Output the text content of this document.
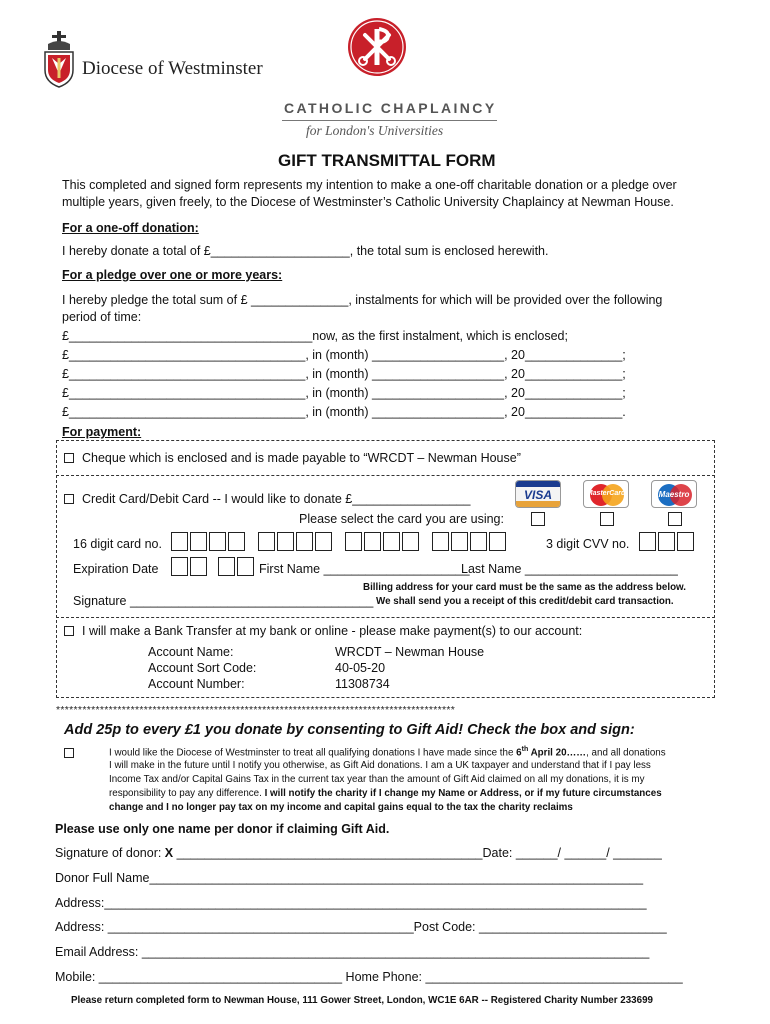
Diocese of Westminster
CATHOLIC CHAPLAINCY
for London's Universities
GIFT TRANSMITTAL FORM
This completed and signed form represents my intention to make a one-off charitable donation or a pledge over
multiple years, given freely, to the Diocese of Westminster’s Catholic University Chaplaincy at Newman House.
For a one-off donation:
I hereby donate a total of £____________________, the total sum is enclosed herewith.
For a pledge over one or more years:
I hereby pledge the total sum of £ ______________, instalments for which will be provided over the following
period of time:
£___________________________________now, as the first instalment, which is enclosed;
£__________________________________, in (month) ___________________, 20______________;
£__________________________________, in (month) ___________________, 20______________;
£__________________________________, in (month) ___________________, 20______________;
£__________________________________, in (month) ___________________, 20______________.
For payment:
Cheque which is enclosed and is made payable to “WRCDT – Newman House”
Credit Card/Debit Card -- I would like to donate £_________________	VISA	MasterCard	Maestro
Please select the card you are using:
16 digit card no.	3 digit CVV no.
Expiration Date	First Name _____________________
Last Name ______________________
Billing address for your card must be the same as the address below.
We shall send you a receipt of this credit/debit card transaction.
Signature ___________________________________
I will make a Bank Transfer at my bank or online - please make payment(s) to our account:
Account Name:	WRCDT – Newman House
Account Sort Code:	40-05-20
Account Number:	11308734
*******************************************************************************************
Add 25p to every £1 you donate by consenting to Gift Aid! Check the box and sign:
I would like the Diocese of Westminster to treat all qualifying donations I have made since the 6th April 20……, and all donations
I will make in the future until I notify you otherwise, as Gift Aid donations. I am a UK taxpayer and understand that if I pay less
Income Tax and/or Capital Gains Tax in the current tax year than the amount of Gift Aid claimed on all my donations, it is my
responsibility to pay any difference. I will notify the charity if I change my Name or Address, or if my future circumstances
change and I no longer pay tax on my income and capital gains equal to the tax the charity reclaims
Please use only one name per donor if claiming Gift Aid.
Signature of donor: X ____________________________________________Date: ______/ ______/ _______
Donor Full Name_______________________________________________________________________
Address:______________________________________________________________________________
Address: ____________________________________________Post Code: ___________________________
Email Address: _________________________________________________________________________
Mobile: ___________________________________ Home Phone: _____________________________________
Please return completed form to Newman House, 111 Gower Street, London, WC1E 6AR -- Registered Charity Number 233699
